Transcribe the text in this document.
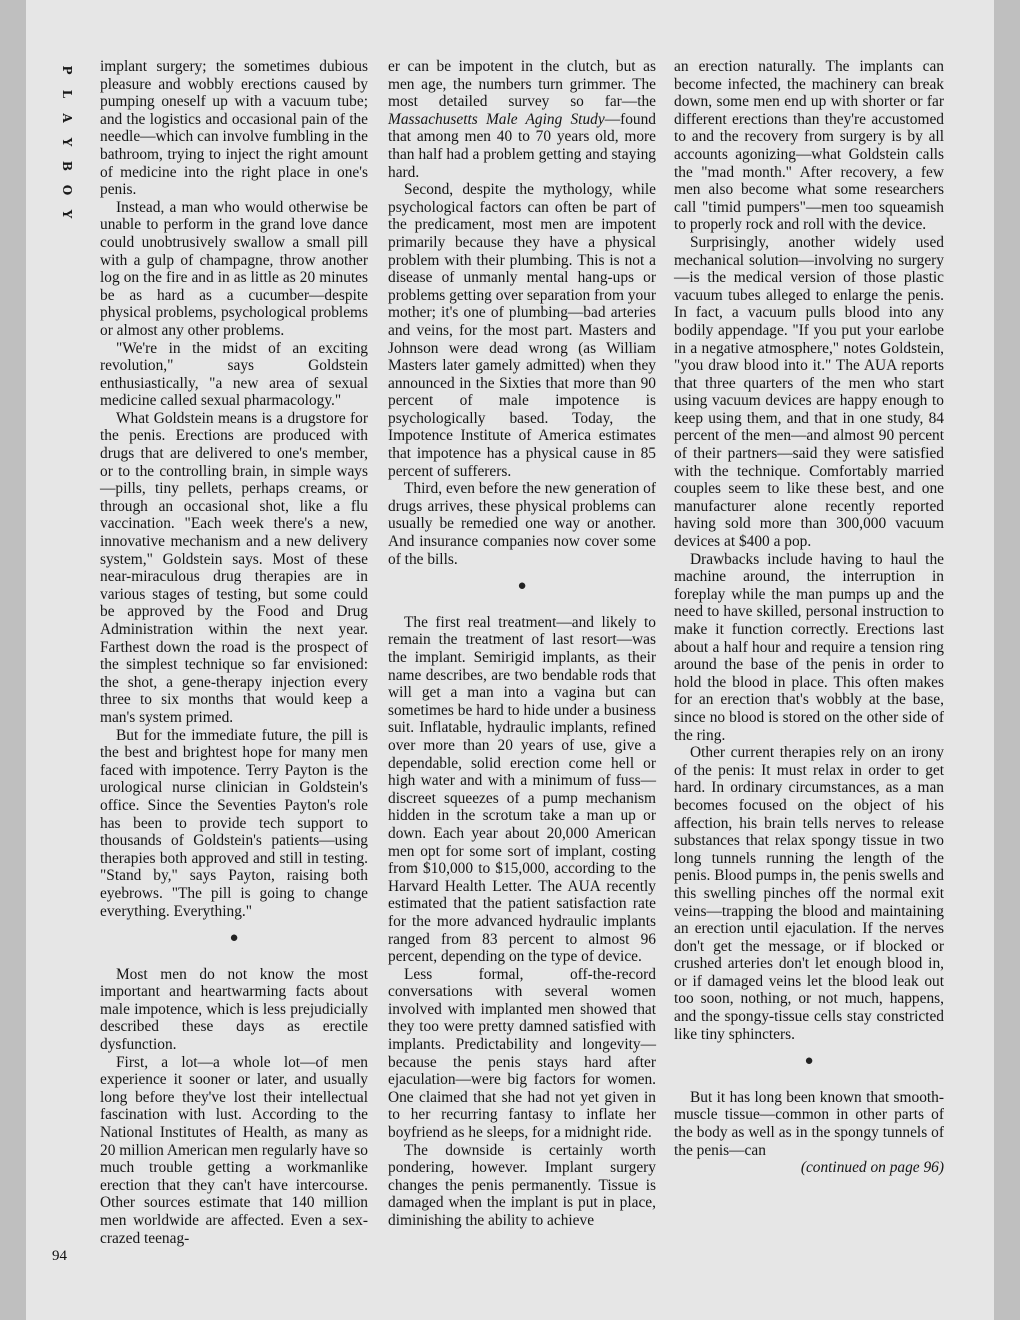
P
L
A
Y
B
O
Y
94

implant surgery; the sometimes dubious pleasure and wobbly erections caused by pumping oneself up with a vacuum tube; and the logistics and occasional pain of the needle—which can involve fumbling in the bathroom, trying to inject the right amount of medicine into the right place in one's penis.

Instead, a man who would otherwise be unable to perform in the grand love dance could unobtrusively swallow a small pill with a gulp of champagne, throw another log on the fire and in as little as 20 minutes be as hard as a cucumber—despite physical problems, psychological problems or almost any other problems.

"We're in the midst of an exciting revolution," says Goldstein enthusiastically, "a new area of sexual medicine called sexual pharmacology."

What Goldstein means is a drugstore for the penis. Erections are produced with drugs that are delivered to one's member, or to the controlling brain, in simple ways—pills, tiny pellets, perhaps creams, or through an occasional shot, like a flu vaccination. "Each week there's a new, innovative mechanism and a new delivery system," Goldstein says. Most of these near-miraculous drug therapies are in various stages of testing, but some could be approved by the Food and Drug Administration within the next year. Farthest down the road is the prospect of the simplest technique so far envisioned: the shot, a gene-therapy injection every three to six months that would keep a man's system primed.

But for the immediate future, the pill is the best and brightest hope for many men faced with impotence. Terry Payton is the urological nurse clinician in Goldstein's office. Since the Seventies Payton's role has been to provide tech support to thousands of Goldstein's patients—using therapies both approved and still in testing. "Stand by," says Payton, raising both eyebrows. "The pill is going to change everything. Everything."

●

Most men do not know the most important and heartwarming facts about male impotence, which is less prejudicially described these days as erectile dysfunction.

First, a lot—a whole lot—of men experience it sooner or later, and usually long before they've lost their intellectual fascination with lust. According to the National Institutes of Health, as many as 20 million American men regularly have so much trouble getting a workmanlike erection that they can't have intercourse. Other sources estimate that 140 million men worldwide are affected. Even a sex-crazed teenag-

er can be impotent in the clutch, but as men age, the numbers turn grimmer. The most detailed survey so far—the Massachusetts Male Aging Study—found that among men 40 to 70 years old, more than half had a problem getting and staying hard.

Second, despite the mythology, while psychological factors can often be part of the predicament, most men are impotent primarily because they have a physical problem with their plumbing. This is not a disease of unmanly mental hang-ups or problems getting over separation from your mother; it's one of plumbing—bad arteries and veins, for the most part. Masters and Johnson were dead wrong (as William Masters later gamely admitted) when they announced in the Sixties that more than 90 percent of male impotence is psychologically based. Today, the Impotence Institute of America estimates that impotence has a physical cause in 85 percent of sufferers.

Third, even before the new generation of drugs arrives, these physical problems can usually be remedied one way or another. And insurance companies now cover some of the bills.

●

The first real treatment—and likely to remain the treatment of last resort—was the implant. Semirigid implants, as their name describes, are two bendable rods that will get a man into a vagina but can sometimes be hard to hide under a business suit. Inflatable, hydraulic implants, refined over more than 20 years of use, give a dependable, solid erection come hell or high water and with a minimum of fuss—discreet squeezes of a pump mechanism hidden in the scrotum take a man up or down. Each year about 20,000 American men opt for some sort of implant, costing from $10,000 to $15,000, according to the Harvard Health Letter. The AUA recently estimated that the patient satisfaction rate for the more advanced hydraulic implants ranged from 83 percent to almost 96 percent, depending on the type of device.

Less formal, off-the-record conversations with several women involved with implanted men showed that they too were pretty damned satisfied with implants. Predictability and longevity—because the penis stays hard after ejaculation—were big factors for women. One claimed that she had not yet given in to her recurring fantasy to inflate her boyfriend as he sleeps, for a midnight ride.

The downside is certainly worth pondering, however. Implant surgery changes the penis permanently. Tissue is damaged when the implant is put in place, diminishing the ability to achieve

an erection naturally. The implants can become infected, the machinery can break down, some men end up with shorter or far different erections than they're accustomed to and the recovery from surgery is by all accounts agonizing—what Goldstein calls the "mad month." After recovery, a few men also become what some researchers call "timid pumpers"—men too squeamish to properly rock and roll with the device.

Surprisingly, another widely used mechanical solution—involving no surgery—is the medical version of those plastic vacuum tubes alleged to enlarge the penis. In fact, a vacuum pulls blood into any bodily appendage. "If you put your earlobe in a negative atmosphere," notes Goldstein, "you draw blood into it." The AUA reports that three quarters of the men who start using vacuum devices are happy enough to keep using them, and that in one study, 84 percent of the men—and almost 90 percent of their partners—said they were satisfied with the technique. Comfortably married couples seem to like these best, and one manufacturer alone recently reported having sold more than 300,000 vacuum devices at $400 a pop.

Drawbacks include having to haul the machine around, the interruption in foreplay while the man pumps up and the need to have skilled, personal instruction to make it function correctly. Erections last about a half hour and require a tension ring around the base of the penis in order to hold the blood in place. This often makes for an erection that's wobbly at the base, since no blood is stored on the other side of the ring.

Other current therapies rely on an irony of the penis: It must relax in order to get hard. In ordinary circumstances, as a man becomes focused on the object of his affection, his brain tells nerves to release substances that relax spongy tissue in two long tunnels running the length of the penis. Blood pumps in, the penis swells and this swelling pinches off the normal exit veins—trapping the blood and maintaining an erection until ejaculation. If the nerves don't get the message, or if blocked or crushed arteries don't let enough blood in, or if damaged veins let the blood leak out too soon, nothing, or not much, happens, and the spongy-tissue cells stay constricted like tiny sphincters.

●

But it has long been known that smooth-muscle tissue—common in other parts of the body as well as in the spongy tunnels of the penis—can

(continued on page 96)
